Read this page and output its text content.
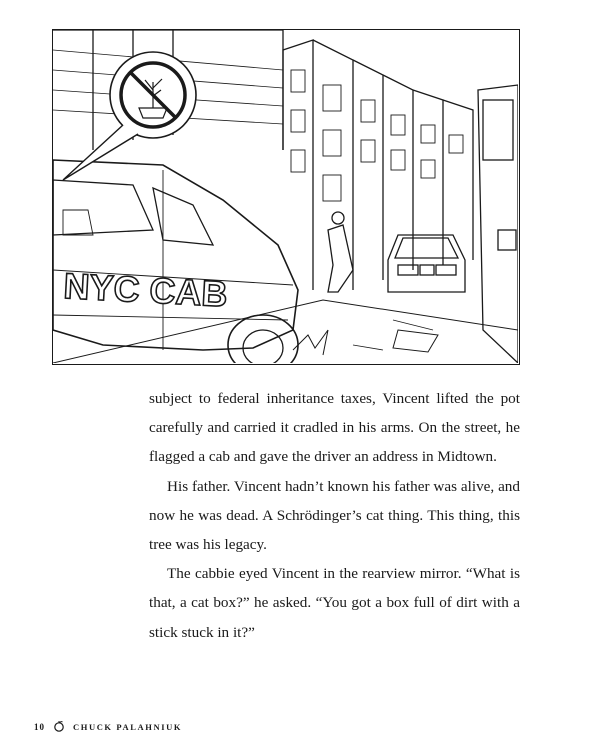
NYC CAB

subject to federal inheritance taxes, Vincent lifted the pot carefully and carried it cradled in his arms. On the street, he flagged a cab and gave the driver an address in Midtown.

His father. Vincent hadn’t known his father was alive, and now he was dead. A Schrödinger’s cat thing. This thing, this tree was his legacy.

The cabbie eyed Vincent in the rearview mirror. “What is that, a cat box?” he asked. “You got a box full of dirt with a stick stuck in it?”

10	CHUCK PALAHNIUK
